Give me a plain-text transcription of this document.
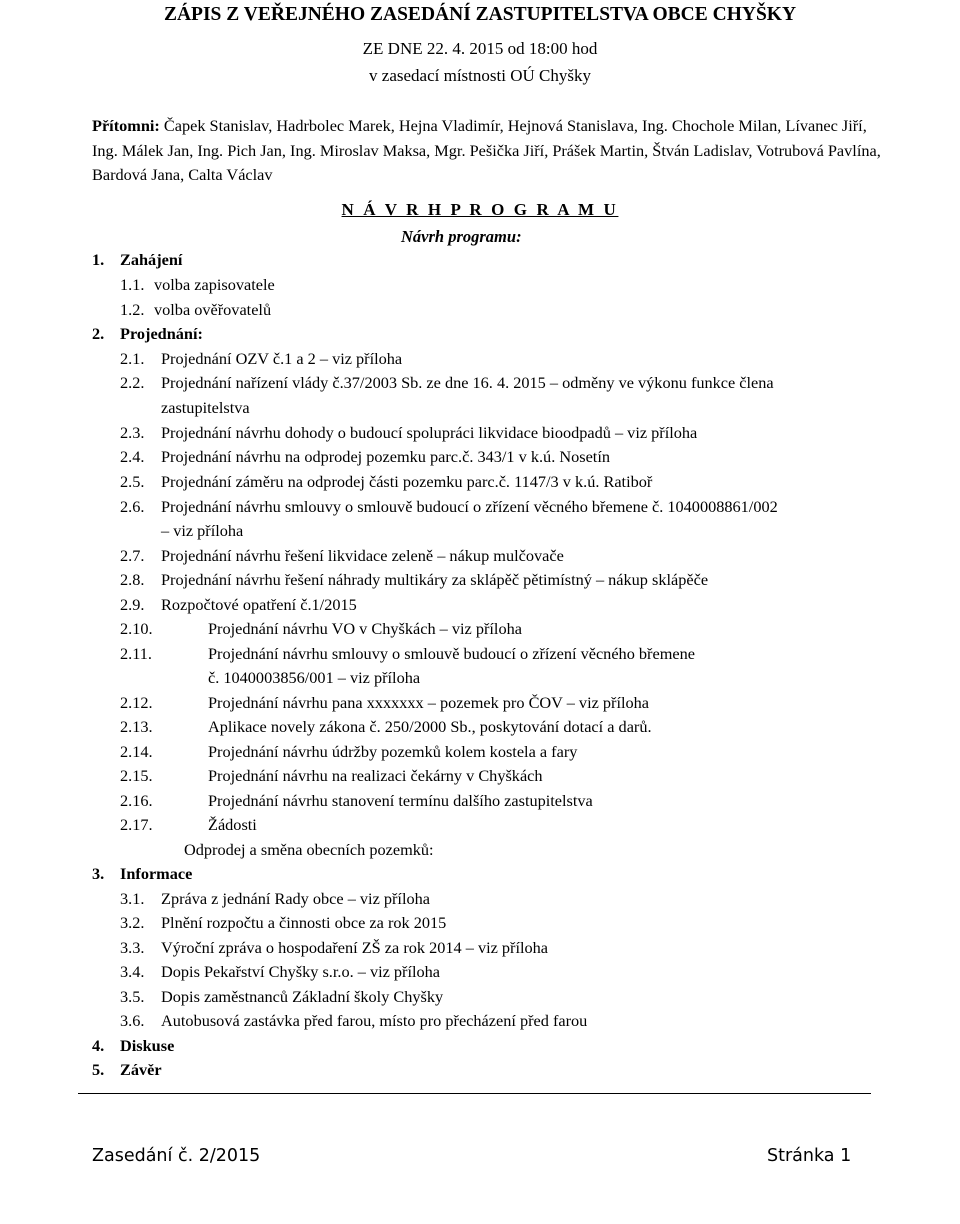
ZÁPIS Z VEŘEJNÉHO ZASEDÁNÍ ZASTUPITELSTVA OBCE CHYŠKY
ZE DNE 22. 4. 2015 od 18:00 hod
v zasedací místnosti OÚ Chyšky
Přítomni: Čapek Stanislav, Hadrbolec Marek, Hejna Vladimír, Hejnová Stanislava, Ing. Chochole Milan, Lívanec Jiří, Ing. Málek Jan, Ing. Pich Jan, Ing. Miroslav Maksa, Mgr. Pešička Jiří, Prášek Martin, Štván Ladislav, Votrubová Pavlína, Bardová Jana, Calta Václav
N Á V R H P R O G R A M U
Návrh programu:
1. Zahájení
1.1. volba zapisovatele
1.2. volba ověřovatelů
2. Projednání:
2.1. Projednání OZV č.1 a 2 – viz příloha
2.2. Projednání nařízení vlády č.37/2003 Sb. ze dne 16. 4. 2015 – odměny ve výkonu funkce člena
zastupitelstva
2.3. Projednání návrhu dohody o budoucí spolupráci likvidace bioodpadů – viz příloha
2.4. Projednání návrhu na odprodej pozemku parc.č. 343/1 v k.ú. Nosetín
2.5. Projednání záměru na odprodej části pozemku parc.č. 1147/3 v k.ú. Ratiboř
2.6. Projednání návrhu smlouvy o smlouvě budoucí o zřízení věcného břemene č. 1040008861/002
– viz příloha
2.7. Projednání návrhu řešení likvidace zeleně – nákup mulčovače
2.8. Projednání návrhu řešení náhrady multikáry za sklápěč pětimístný – nákup sklápěče
2.9. Rozpočtové opatření č.1/2015
2.10.	Projednání návrhu VO v Chyškách – viz příloha
2.11.	Projednání návrhu smlouvy o smlouvě budoucí o zřízení věcného břemene
č. 1040003856/001 – viz příloha
2.12.	Projednání návrhu pana xxxxxxx – pozemek pro ČOV – viz příloha
2.13.	Aplikace novely zákona č. 250/2000 Sb., poskytování dotací a darů.
2.14.	Projednání návrhu údržby pozemků kolem kostela a fary
2.15.	Projednání návrhu na realizaci čekárny v Chyškách
2.16.	Projednání návrhu stanovení termínu dalšího zastupitelstva
2.17.	Žádosti
Odprodej a směna obecních pozemků:
3. Informace
3.1. Zpráva z jednání Rady obce – viz příloha
3.2. Plnění rozpočtu a činnosti obce za rok 2015
3.3. Výroční zpráva o hospodaření ZŠ za rok 2014 – viz příloha
3.4. Dopis Pekařství Chyšky s.r.o. – viz příloha
3.5. Dopis zaměstnanců Základní školy Chyšky
3.6. Autobusová zastávka před farou, místo pro přecházení před farou
4. Diskuse
5. Závěr
Zasedání č. 2/2015	Stránka 1
